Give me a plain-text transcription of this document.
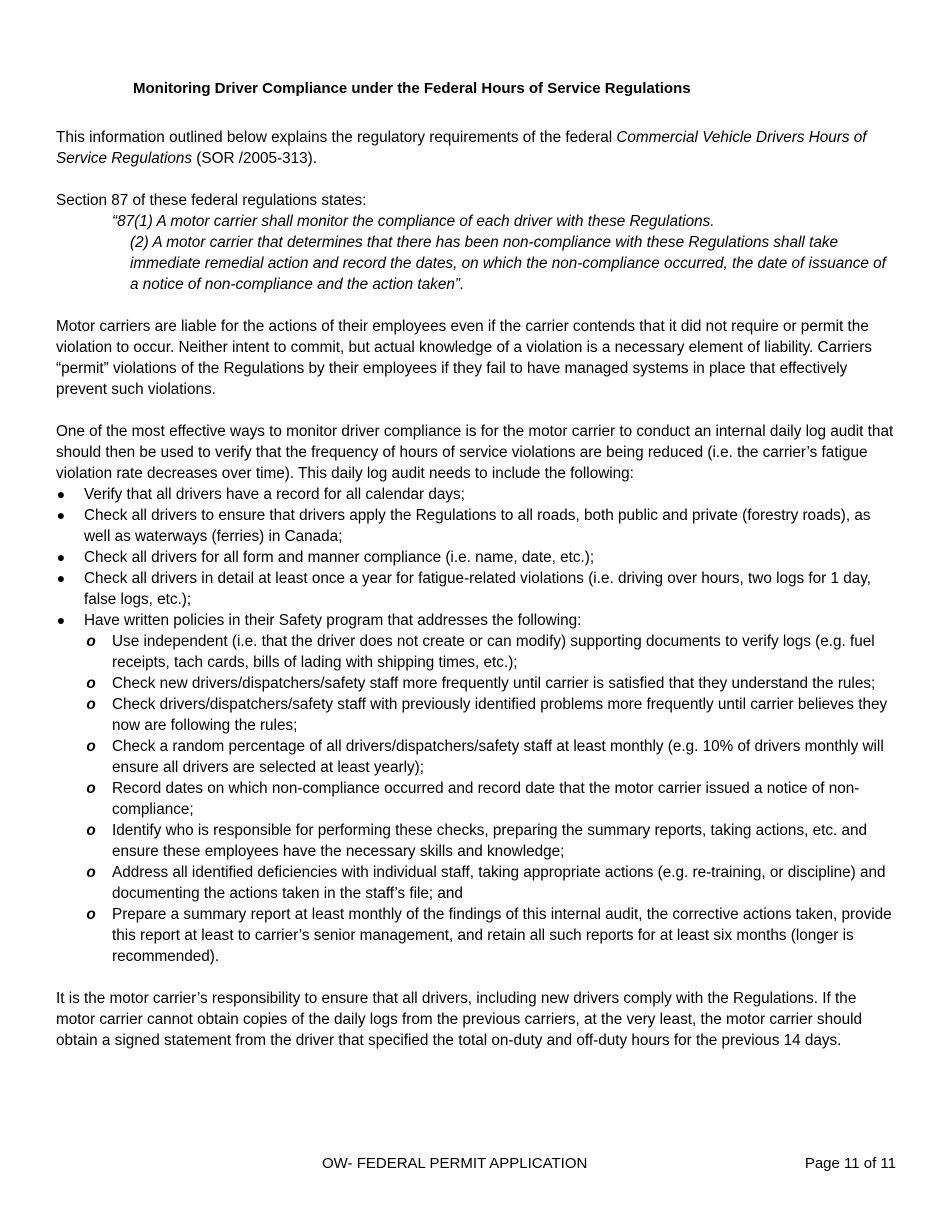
Monitoring Driver Compliance under the Federal Hours of Service Regulations

This information outlined below explains the regulatory requirements of the federal Commercial Vehicle Drivers Hours of Service Regulations (SOR /2005-313).

Section 87 of these federal regulations states:

“87(1) A motor carrier shall monitor the compliance of each driver with these Regulations.
(2) A motor carrier that determines that there has been non-compliance with these Regulations shall take immediate remedial action and record the dates, on which the non-compliance occurred, the date of issuance of a notice of non-compliance and the action taken”.

Motor carriers are liable for the actions of their employees even if the carrier contends that it did not require or permit the violation to occur. Neither intent to commit, but actual knowledge of a violation is a necessary element of liability. Carriers “permit” violations of the Regulations by their employees if they fail to have managed systems in place that effectively prevent such violations.

One of the most effective ways to monitor driver compliance is for the motor carrier to conduct an internal daily log audit that should then be used to verify that the frequency of hours of service violations are being reduced (i.e. the carrier’s fatigue violation rate decreases over time). This daily log audit needs to include the following:

● Verify that all drivers have a record for all calendar days;
● Check all drivers to ensure that drivers apply the Regulations to all roads, both public and private (forestry roads), as well as waterways (ferries) in Canada;
● Check all drivers for all form and manner compliance (i.e. name, date, etc.);
● Check all drivers in detail at least once a year for fatigue-related violations (i.e. driving over hours, two logs for 1 day, false logs, etc.);
● Have written policies in their Safety program that addresses the following:
o Use independent (i.e. that the driver does not create or can modify) supporting documents to verify logs (e.g. fuel receipts, tach cards, bills of lading with shipping times, etc.);
o Check new drivers/dispatchers/safety staff more frequently until carrier is satisfied that they understand the rules;
o Check drivers/dispatchers/safety staff with previously identified problems more frequently until carrier believes they now are following the rules;
o Check a random percentage of all drivers/dispatchers/safety staff at least monthly (e.g. 10% of drivers monthly will ensure all drivers are selected at least yearly);
o Record dates on which non-compliance occurred and record date that the motor carrier issued a notice of non-compliance;
o Identify who is responsible for performing these checks, preparing the summary reports, taking actions, etc. and ensure these employees have the necessary skills and knowledge;
o Address all identified deficiencies with individual staff, taking appropriate actions (e.g. re-training, or discipline) and documenting the actions taken in the staff’s file; and
o Prepare a summary report at least monthly of the findings of this internal audit, the corrective actions taken, provide this report at least to carrier’s senior management, and retain all such reports for at least six months (longer is recommended).

It is the motor carrier’s responsibility to ensure that all drivers, including new drivers comply with the Regulations. If the motor carrier cannot obtain copies of the daily logs from the previous carriers, at the very least, the motor carrier should obtain a signed statement from the driver that specified the total on-duty and off-duty hours for the previous 14 days.

OW- FEDERAL PERMIT APPLICATION	Page 11 of 11
